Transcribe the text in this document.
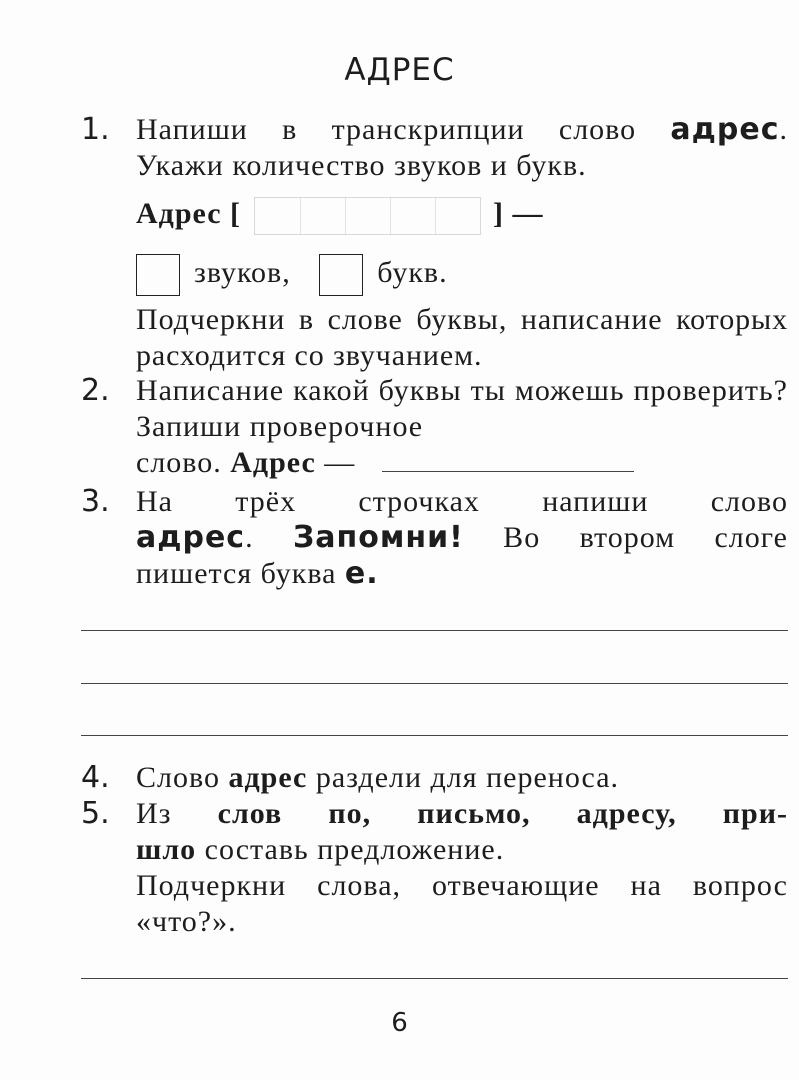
АДРЕС
1. Напиши в транскрипции слово адрес.
Укажи количество звуков и букв.
Адрес [	] —
звуков,	букв.
Подчеркни в слове буквы, написание которых расходится со звучанием.
2. Написание какой буквы ты можешь проверить? Запиши проверочное
слово. Адрес —
3. На трёх строчках напиши слово
адрес. Запомни! Во втором слоге
пишется буква е.
4. Слово адрес раздели для переноса.
5. Из слов по, письмо, адресу, при-
шло составь предложение.
Подчеркни слова, отвечающие на вопрос «что?».
6
